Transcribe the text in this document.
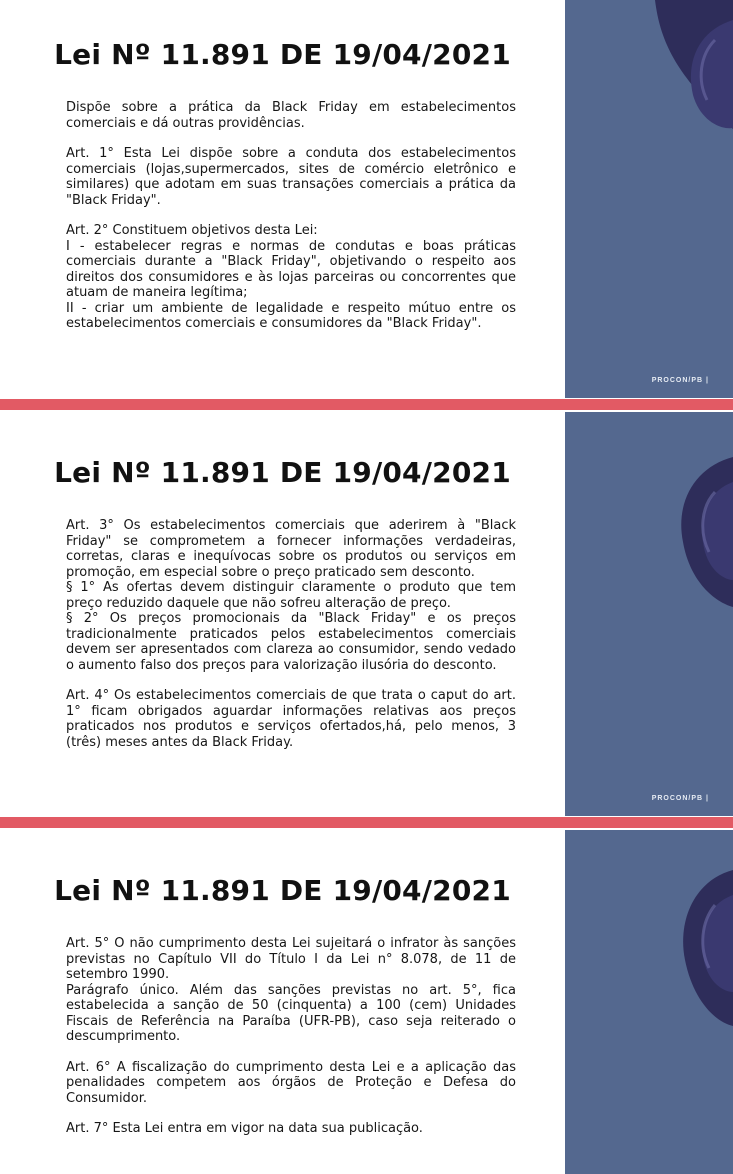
PROCON/PB |
Lei Nº 11.891 DE 19/04/2021

Dispõe sobre a prática da Black Friday em estabelecimentos comerciais e dá outras providências.

Art. 1° Esta Lei dispõe sobre a conduta dos estabelecimentos comerciais (lojas,supermercados, sites de comércio eletrônico e similares) que adotam em suas transações comerciais a prática da "Black Friday".

Art. 2° Constituem objetivos desta Lei:
I - estabelecer regras e normas de condutas e boas práticas comerciais durante a "Black Friday", objetivando o respeito aos direitos dos consumidores e às lojas parceiras ou concorrentes que atuam de maneira legítima;
II - criar um ambiente de legalidade e respeito mútuo entre os estabelecimentos comerciais e consumidores da "Black Friday".

PROCON/PB |
Lei Nº 11.891 DE 19/04/2021

Art. 3° Os estabelecimentos comerciais que aderirem à "Black Friday" se comprometem a fornecer informações verdadeiras, corretas, claras e inequívocas sobre os produtos ou serviços em promoção, em especial sobre o preço praticado sem desconto.
§ 1° As ofertas devem distinguir claramente o produto que tem preço reduzido daquele que não sofreu alteração de preço.
§ 2° Os preços promocionais da "Black Friday" e os preços tradicionalmente praticados pelos estabelecimentos comerciais devem ser apresentados com clareza ao consumidor, sendo vedado o aumento falso dos preços para valorização ilusória do desconto.

Art. 4° Os estabelecimentos comerciais de que trata o caput do art. 1° ficam obrigados aguardar informações relativas aos preços praticados nos produtos e serviços ofertados,há, pelo menos, 3 (três) meses antes da Black Friday.

Lei Nº 11.891 DE 19/04/2021

Art. 5° O não cumprimento desta Lei sujeitará o infrator às sanções previstas no Capítulo VII do Título I da Lei n° 8.078, de 11 de setembro 1990.
Parágrafo único. Além das sanções previstas no art. 5°, fica estabelecida a sanção de 50 (cinquenta) a 100 (cem) Unidades Fiscais de Referência na Paraíba (UFR-PB), caso seja reiterado o descumprimento.

Art. 6° A fiscalização do cumprimento desta Lei e a aplicação das penalidades competem aos órgãos de Proteção e Defesa do Consumidor.

Art. 7° Esta Lei entra em vigor na data sua publicação.
